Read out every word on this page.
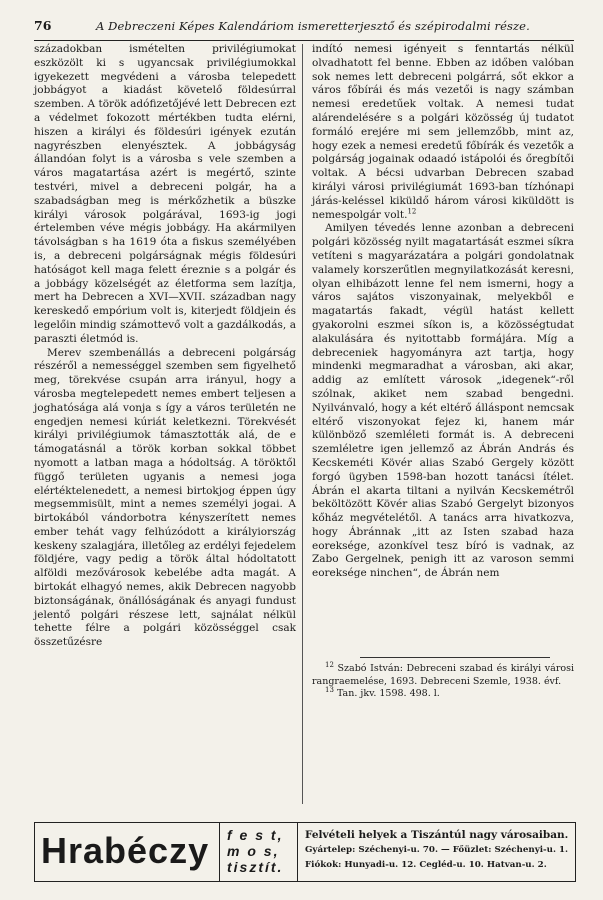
76	A Debreczeni Képes Kalendáriom ismeretterjesztő és szépirodalmi része.

századokban ismételten privilégiumokat eszközölt ki s ugyancsak privilégiumokkal igyekezett megvédeni a városba telepedett jobbágyot a kiadást követelő földesúrral szemben. A török adófizetőjévé lett Debrecen ezt a védelmet fokozott mértékben tudta elérni, hiszen a királyi és földesúri igények ezután nagyrészben elenyésztek. A jobbágyság állandóan folyt is a városba s vele szemben a város magatartása azért is megértő, szinte testvéri, mivel a debreceni polgár, ha a szabadságban meg is mérkőzhetik a büszke királyi városok polgárával, 1693-ig jogi értelemben véve mégis jobbágy. Ha akármilyen távolságban s ha 1619 óta a fiskus személyében is, a debreceni polgárságnak mégis földesúri hatóságot kell maga felett éreznie s a polgár és a jobbágy közelségét az életforma sem lazítja, mert ha Debrecen a XVI—XVII. században nagy kereskedő empórium volt is, kiterjedt földjein és legelőin mindig számottevő volt a gazdálkodás, a paraszti életmód is.

Merev szembenállás a debreceni polgárság részéről a nemességgel szemben sem figyelhető meg, törekvése csupán arra irányul, hogy a városba megtelepedett nemes embert teljesen a joghatósága alá vonja s így a város területén ne engedjen nemesi kúriát keletkezni. Törekvését királyi privilégiumok támasztották alá, de e támogatásnál a török korban sokkal többet nyomott a latban maga a hódoltság. A töröktől függő területen ugyanis a nemesi joga elértéktelenedett, a nemesi birtokjog éppen úgy megsemmisült, mint a nemes személyi jogai. A birtokából vándorbotra kényszerített nemes ember tehát vagy felhúzódott a királyiország keskeny szalagjára, illetőleg az erdélyi fejedelem földjére, vagy pedig a török által hódoltatott alföldi mezővárosok kebelébe adta magát. A birtokát elhagyó nemes, akik Debrecen nagyobb biztonságának, önállóságának és anyagi fundust jelentő polgári részese lett, sajnálat nélkül tehette félre a polgári közösséggel csak összetűzésre

indító nemesi igényeit s fenntartás nélkül olvadhatott fel benne. Ebben az időben valóban sok nemes lett debreceni polgárrá, sőt ekkor a város főbírái és más vezetői is nagy számban nemesi eredetűek voltak. A nemesi tudat alárendelésére s a polgári közösség új tudatot formáló erejére mi sem jellemzőbb, mint az, hogy ezek a nemesi eredetű főbírák és vezetők a polgárság jogainak odaadó istápolói és őregbítői voltak. A bécsi udvarban Debrecen szabad királyi városi privilégiumát 1693-ban tízhónapi járás-keléssel kiküldő három városi kiküldött is nemespolgár volt.$^{12}$

Amilyen tévedés lenne azonban a debreceni polgári közösség nyilt magatartását eszmei síkra vetíteni s magyarázatára a polgári gondolatnak valamely korszerűtlen megnyilatkozását keresni, olyan elhibázott lenne fel nem ismerni, hogy a város sajátos viszonyainak, melyekből e magatartás fakadt, végül hatást kellett gyakorolni eszmei síkon is, a közösségtudat alakulására és nyitottabb formájára. Míg a debreceniek hagyományra azt tartja, hogy mindenki megmaradhat a városban, aki akar, addig az említett városok „idegenek“-ről szólnak, akiket nem szabad bengedni. Nyilvánvaló, hogy a két eltérő álláspont nemcsak eltérő viszonyokat fejez ki, hanem már különböző szemléleti formát is. A debreceni szemléletre igen jellemző az Ábrán András és Kecskeméti Kövér alias Szabó Gergely között forgó ügyben 1598-ban hozott tanácsi ítélet. Ábrán el akarta tiltani a nyilván Kecskemétről beköltözött Kövér alias Szabó Gergelyt bizonyos kőház megvételétől. A tanács arra hivatkozva, hogy Ábránnak „itt az Isten szabad haza eoreksége, azonkível tesz bíró is vadnak, az Zabo Gergelnek, penigh itt az varoson semmi eoreksége ninchen“, de Ábrán nem

$^{12}$ Szabó István: Debreceni szabad és királyi városi rangraemelése, 1693. Debreceni Szemle, 1938. évf.
$^{13}$ Tan. jkv. 1598. 498. l.
Hrabéczy f e s t,
m o s,
tisztít.
Felvételi helyek a Tiszántúl nagy városaiban.
Gyártelep: Széchenyi-u. 70. — Főüzlet: Széchenyi-u. 1.
Fiókok: Hunyadi-u. 12. Cegléd-u. 10. Hatvan-u. 2.
